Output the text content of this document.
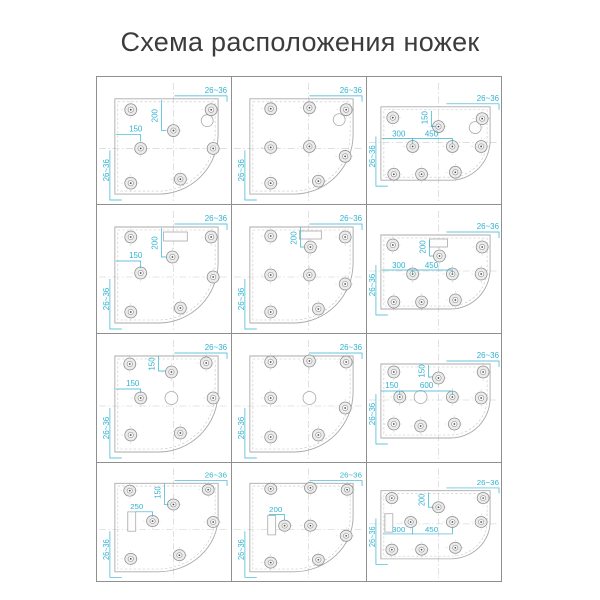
Схема расположения ножек
200
150
26~36
26~36
26~36
26~36
150
300 450
26~36
26~36
200
150
26~36
26~36
200
26~36
26~36
200
300 450
26~36
26~36
150
150
26~36
26~36
26~36
26~36
150
150	600
26~36
26~36
150
250
26~36
26~36
200
26~36
26~36
200
300 450
26~36
26~36
